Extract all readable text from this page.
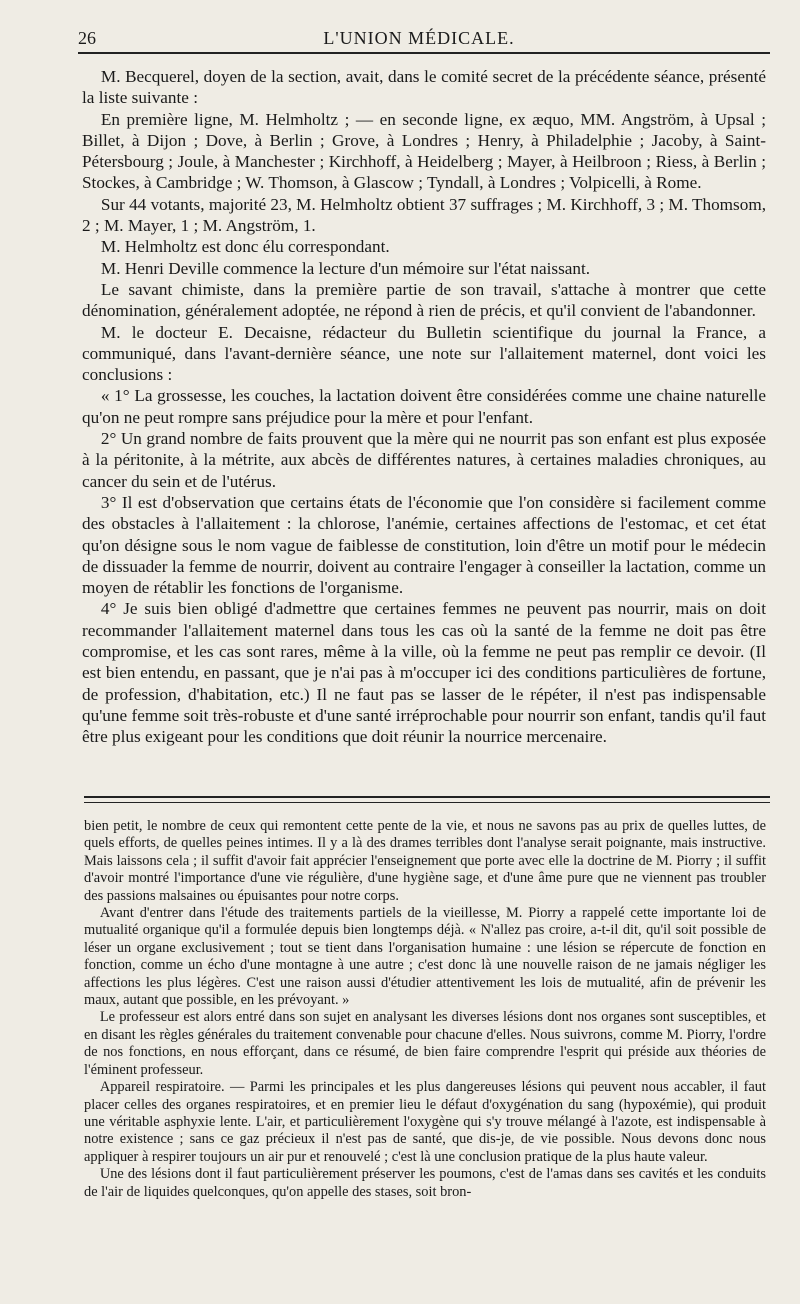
26	L'UNION MÉDICALE.

M. Becquerel, doyen de la section, avait, dans le comité secret de la précédente séance, présenté la liste suivante :

En première ligne, M. Helmholtz ; — en seconde ligne, ex æquo, MM. Angström, à Upsal ; Billet, à Dijon ; Dove, à Berlin ; Grove, à Londres ; Henry, à Philadelphie ; Jacoby, à Saint-Pétersbourg ; Joule, à Manchester ; Kirchhoff, à Heidelberg ; Mayer, à Heilbroon ; Riess, à Berlin ; Stockes, à Cambridge ; W. Thomson, à Glascow ; Tyndall, à Londres ; Volpicelli, à Rome.

Sur 44 votants, majorité 23, M. Helmholtz obtient 37 suffrages ; M. Kirchhoff, 3 ; M. Thomsom, 2 ; M. Mayer, 1 ; M. Angström, 1.

M. Helmholtz est donc élu correspondant.

M. Henri Deville commence la lecture d'un mémoire sur l'état naissant.

Le savant chimiste, dans la première partie de son travail, s'attache à montrer que cette dénomination, généralement adoptée, ne répond à rien de précis, et qu'il convient de l'abandonner.

M. le docteur E. Decaisne, rédacteur du Bulletin scientifique du journal la France, a communiqué, dans l'avant-dernière séance, une note sur l'allaitement maternel, dont voici les conclusions :

« 1° La grossesse, les couches, la lactation doivent être considérées comme une chaine naturelle qu'on ne peut rompre sans préjudice pour la mère et pour l'enfant.

2° Un grand nombre de faits prouvent que la mère qui ne nourrit pas son enfant est plus exposée à la péritonite, à la métrite, aux abcès de différentes natures, à certaines maladies chroniques, au cancer du sein et de l'utérus.

3° Il est d'observation que certains états de l'économie que l'on considère si facilement comme des obstacles à l'allaitement : la chlorose, l'anémie, certaines affections de l'estomac, et cet état qu'on désigne sous le nom vague de faiblesse de constitution, loin d'être un motif pour le médecin de dissuader la femme de nourrir, doivent au contraire l'engager à conseiller la lactation, comme un moyen de rétablir les fonctions de l'organisme.

4° Je suis bien obligé d'admettre que certaines femmes ne peuvent pas nourrir, mais on doit recommander l'allaitement maternel dans tous les cas où la santé de la femme ne doit pas être compromise, et les cas sont rares, même à la ville, où la femme ne peut pas remplir ce devoir. (Il est bien entendu, en passant, que je n'ai pas à m'occuper ici des conditions particulières de fortune, de profession, d'habitation, etc.) Il ne faut pas se lasser de le répéter, il n'est pas indispensable qu'une femme soit très-robuste et d'une santé irréprochable pour nourrir son enfant, tandis qu'il faut être plus exigeant pour les conditions que doit réunir la nourrice mercenaire.

bien petit, le nombre de ceux qui remontent cette pente de la vie, et nous ne savons pas au prix de quelles luttes, de quels efforts, de quelles peines intimes. Il y a là des drames terribles dont l'analyse serait poignante, mais instructive. Mais laissons cela ; il suffit d'avoir fait apprécier l'enseignement que porte avec elle la doctrine de M. Piorry ; il suffit d'avoir montré l'importance d'une vie régulière, d'une hygiène sage, et d'une âme pure que ne viennent pas troubler des passions malsaines ou épuisantes pour notre corps.

Avant d'entrer dans l'étude des traitements partiels de la vieillesse, M. Piorry a rappelé cette importante loi de mutualité organique qu'il a formulée depuis bien longtemps déjà. « N'allez pas croire, a-t-il dit, qu'il soit possible de léser un organe exclusivement ; tout se tient dans l'organisation humaine : une lésion se répercute de fonction en fonction, comme un écho d'une montagne à une autre ; c'est donc là une nouvelle raison de ne jamais négliger les affections les plus légères. C'est une raison aussi d'étudier attentivement les lois de mutualité, afin de prévenir les maux, autant que possible, en les prévoyant. »

Le professeur est alors entré dans son sujet en analysant les diverses lésions dont nos organes sont susceptibles, et en disant les règles générales du traitement convenable pour chacune d'elles. Nous suivrons, comme M. Piorry, l'ordre de nos fonctions, en nous efforçant, dans ce résumé, de bien faire comprendre l'esprit qui préside aux théories de l'éminent professeur.

Appareil respiratoire. — Parmi les principales et les plus dangereuses lésions qui peuvent nous accabler, il faut placer celles des organes respiratoires, et en premier lieu le défaut d'oxygénation du sang (hypoxémie), qui produit une véritable asphyxie lente. L'air, et particulièrement l'oxygène qui s'y trouve mélangé à l'azote, est indispensable à notre existence ; sans ce gaz précieux il n'est pas de santé, que dis-je, de vie possible. Nous devons donc nous appliquer à respirer toujours un air pur et renouvelé ; c'est là une conclusion pratique de la plus haute valeur.

Une des lésions dont il faut particulièrement préserver les poumons, c'est de l'amas dans ses cavités et les conduits de l'air de liquides quelconques, qu'on appelle des stases, soit bron-
